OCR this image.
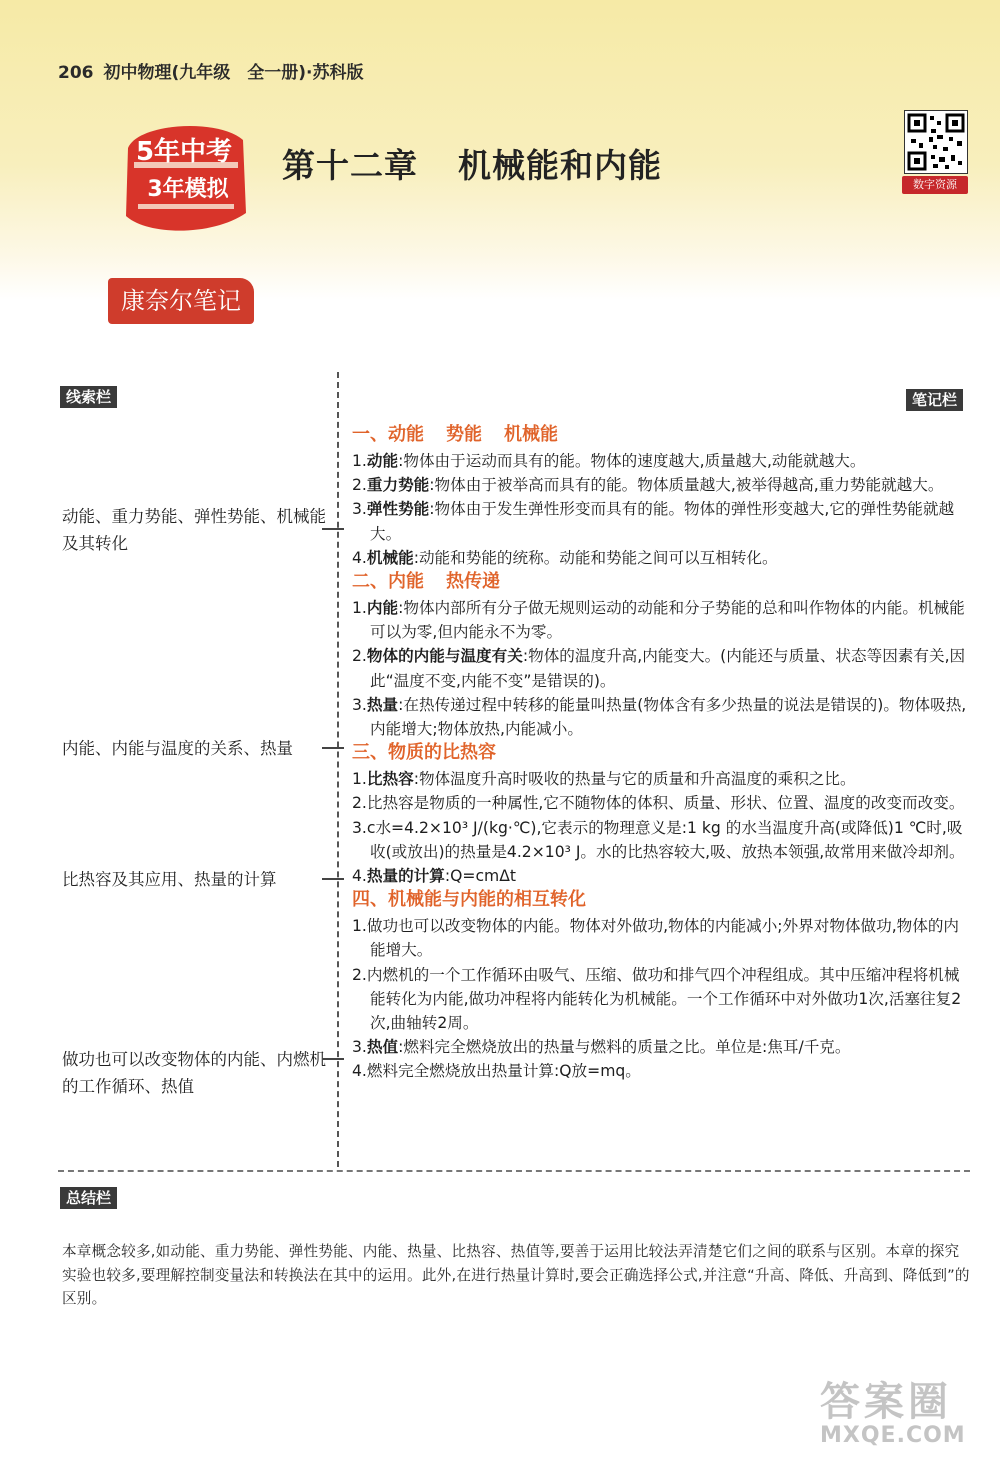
206 初中物理(九年级　全一册)·苏科版
5年中考
3年模拟
第十二章 机械能和内能	数字资源
康奈尔笔记
线索栏	笔记栏
动能、重力势能、弹性势能、机械能及其转化
内能、内能与温度的关系、热量
比热容及其应用、热量的计算
做功也可以改变物体的内能、内燃机的工作循环、热值
一、动能 势能 机械能

1.动能:物体由于运动而具有的能。物体的速度越大,质量越大,动能就越大。

2.重力势能:物体由于被举高而具有的能。物体质量越大,被举得越高,重力势能就越大。

3.弹性势能:物体由于发生弹性形变而具有的能。物体的弹性形变越大,它的弹性势能就越大。

4.机械能:动能和势能的统称。动能和势能之间可以互相转化。

二、内能 热传递

1.内能:物体内部所有分子做无规则运动的动能和分子势能的总和叫作物体的内能。机械能可以为零,但内能永不为零。

2.物体的内能与温度有关:物体的温度升高,内能变大。(内能还与质量、状态等因素有关,因此“温度不变,内能不变”是错误的)。

3.热量:在热传递过程中转移的能量叫热量(物体含有多少热量的说法是错误的)。物体吸热,内能增大;物体放热,内能减小。

三、物质的比热容

1.比热容:物体温度升高时吸收的热量与它的质量和升高温度的乘积之比。

2.比热容是物质的一种属性,它不随物体的体积、质量、形状、位置、温度的改变而改变。

3.c水=4.2×10³ J/(kg·℃),它表示的物理意义是:1 kg 的水当温度升高(或降低)1 ℃时,吸收(或放出)的热量是4.2×10³ J。水的比热容较大,吸、放热本领强,故常用来做冷却剂。

4.热量的计算:Q=cmΔt

四、机械能与内能的相互转化

1.做功也可以改变物体的内能。物体对外做功,物体的内能减小;外界对物体做功,物体的内能增大。

2.内燃机的一个工作循环由吸气、压缩、做功和排气四个冲程组成。其中压缩冲程将机械能转化为内能,做功冲程将内能转化为机械能。一个工作循环中对外做功1次,活塞往复2次,曲轴转2周。

3.热值:燃料完全燃烧放出的热量与燃料的质量之比。单位是:焦耳/千克。

4.燃料完全燃烧放出热量计算:Q放=mq。

总结栏
本章概念较多,如动能、重力势能、弹性势能、内能、热量、比热容、热值等,要善于运用比较法弄清楚它们之间的联系与区别。本章的探究实验也较多,要理解控制变量法和转换法在其中的运用。此外,在进行热量计算时,要会正确选择公式,并注意“升高、降低、升高到、降低到”的区别。
答案圈
MXQE.COM
